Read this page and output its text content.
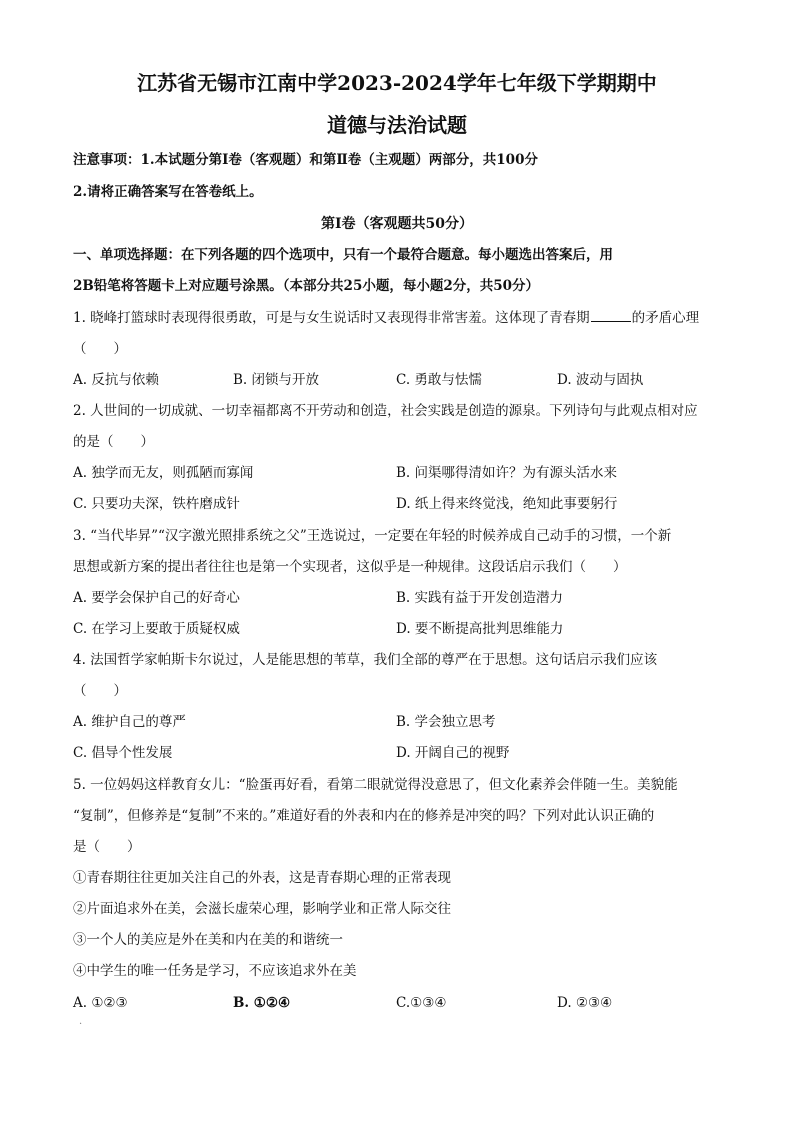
江苏省无锡市江南中学2023-2024学年七年级下学期期中
道德与法治试题
注意事项：1.本试题分第Ⅰ卷（客观题）和第Ⅱ卷（主观题）两部分，共100分
2.请将正确答案写在答卷纸上。
第Ⅰ卷（客观题共50分）
一、单项选择题：在下列各题的四个选项中，只有一个最符合题意。每小题选出答案后，用
2B铅笔将答题卡上对应题号涂黑。（本部分共25小题，每小题2分，共50分）
1. 晓峰打篮球时表现得很勇敢，可是与女生说话时又表现得非常害羞。这体现了青春期	的矛盾心理
（　　）
A. 反抗与依赖	B. 闭锁与开放	C. 勇敢与怯懦	D. 波动与固执
2. 人世间的一切成就、一切幸福都离不开劳动和创造，社会实践是创造的源泉。下列诗句与此观点相对应
的是（　　）
A. 独学而无友，则孤陋而寡闻	B. 问渠哪得清如许？为有源头活水来
C. 只要功夫深，铁杵磨成针	D. 纸上得来终觉浅，绝知此事要躬行
3. “当代毕昇”“汉字激光照排系统之父”王选说过，一定要在年轻的时候养成自己动手的习惯，一个新
思想或新方案的提出者往往也是第一个实现者，这似乎是一种规律。这段话启示我们（　　）
A. 要学会保护自己的好奇心	B. 实践有益于开发创造潜力
C. 在学习上要敢于质疑权威	D. 要不断提高批判思维能力
4. 法国哲学家帕斯卡尔说过，人是能思想的苇草，我们全部的尊严在于思想。这句话启示我们应该
（　　）
A. 维护自己的尊严	B. 学会独立思考
C. 倡导个性发展	D. 开阔自己的视野
5. 一位妈妈这样教育女儿：“脸蛋再好看，看第二眼就觉得没意思了，但文化素养会伴随一生。美貌能
“复制”，但修养是“复制”不来的。”难道好看的外表和内在的修养是冲突的吗？下列对此认识正确的
是（　　）
①青春期往往更加关注自己的外表，这是青春期心理的正常表现
②片面追求外在美，会滋长虚荣心理，影响学业和正常人际交往
③一个人的美应是外在美和内在美的和谐统一
④中学生的唯一任务是学习，不应该追求外在美
A. ①②③	B. ①②④	C.①③④	D. ②③④
·
